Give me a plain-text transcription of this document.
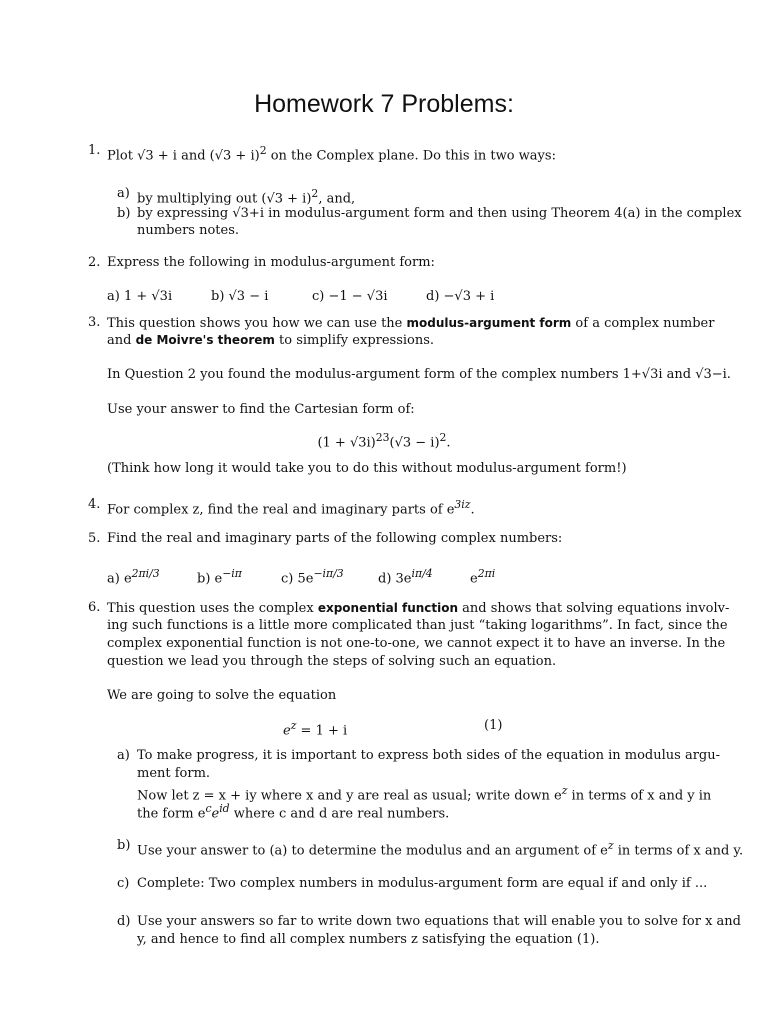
Homework 7 Problems:
1. Plot √3 + i and $(√3 + i)^2$ on the Complex plane. Do this in two ways:
a) by multiplying out $(√3 + i)^2$, and,
b) by expressing √3+i in modulus-argument form and then using Theorem 4(a) in the complex
numbers notes.
2. Express the following in modulus-argument form:
a) 1 + √3i	b) √3 − i	c) −1 − √3i	d) −√3 + i
3. This question shows you how we can use the modulus-argument form of a complex number
and de Moivre's theorem to simplify expressions.
In Question 2 you found the modulus-argument form of the complex numbers 1+√3i and √3−i.
Use your answer to find the Cartesian form of:
$(1 + √3i)^{23}(√3 - i)^2$.
(Think how long it would take you to do this without modulus-argument form!)
4. For complex z, find the real and imaginary parts of $e^{3iz}$.
5. Find the real and imaginary parts of the following complex numbers:
a) $e^{2\pi i/3}$	b) $e^{-i\pi}$	c) $5e^{-i\pi/3}$	d) $3e^{i\pi/4}$	$e^{2\pi i}$
6. This question uses the complex exponential function and shows that solving equations involv-
ing such functions is a little more complicated than just “taking logarithms”. In fact, since the
complex exponential function is not one-to-one, we cannot expect it to have an inverse. In the
question we lead you through the steps of solving such an equation.
We are going to solve the equation
$e^z = 1 + i$	(1)
a) To make progress, it is important to express both sides of the equation in modulus argu-
ment form.
Now let z = x + iy where x and y are real as usual; write down $e^z$ in terms of x and y in
the form $e^ce^{id}$ where c and d are real numbers.
b) Use your answer to (a) to determine the modulus and an argument of $e^z$ in terms of x and y.
c) Complete: Two complex numbers in modulus-argument form are equal if and only if ...
d) Use your answers so far to write down two equations that will enable you to solve for x and
y, and hence to find all complex numbers z satisfying the equation (1).
